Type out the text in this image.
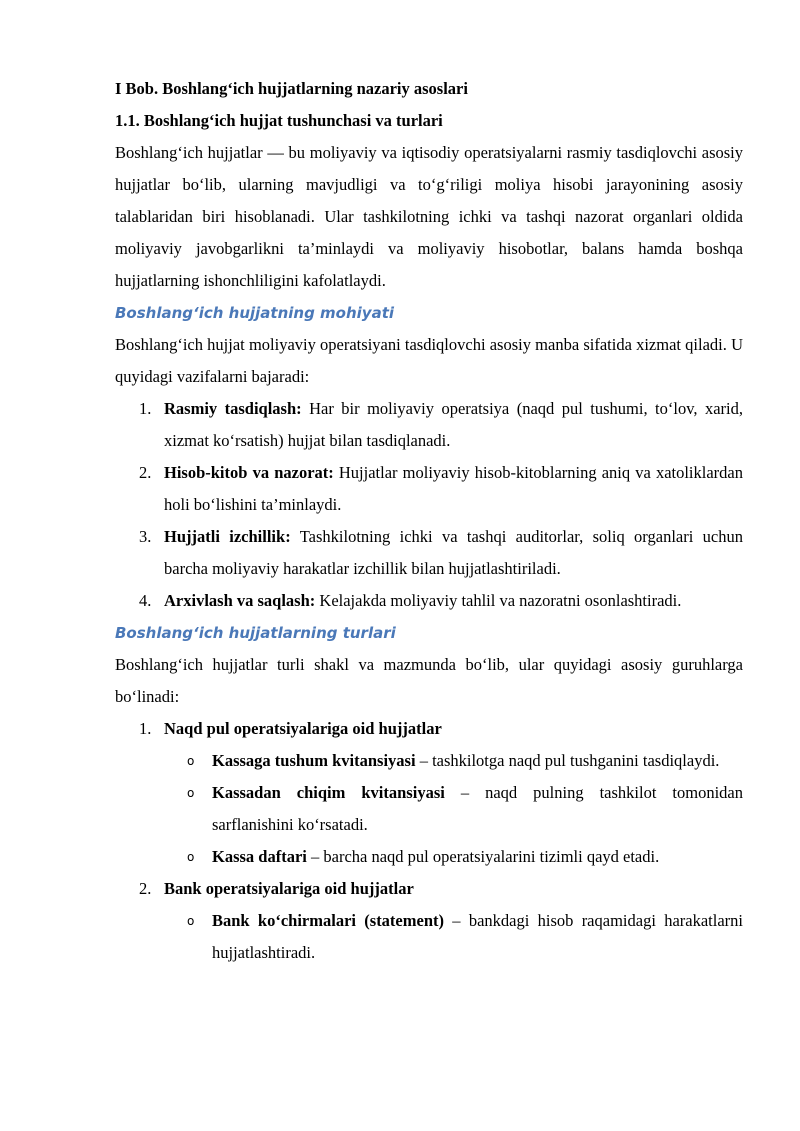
I Bob. Boshlang‘ich hujjatlarning nazariy asoslari
1.1. Boshlang‘ich hujjat tushunchasi va turlari

Boshlang‘ich hujjatlar — bu moliyaviy va iqtisodiy operatsiyalarni rasmiy tasdiqlovchi asosiy hujjatlar bo‘lib, ularning mavjudligi va to‘g‘riligi moliya hisobi jarayonining asosiy talablaridan biri hisoblanadi. Ular tashkilotning ichki va tashqi nazorat organlari oldida moliyaviy javobgarlikni ta’minlaydi va moliyaviy hisobotlar, balans hamda boshqa hujjatlarning ishonchliligini kafolatlaydi.

Boshlang‘ich hujjatning mohiyati

Boshlang‘ich hujjat moliyaviy operatsiyani tasdiqlovchi asosiy manba sifatida xizmat qiladi. U quyidagi vazifalarni bajaradi:

1. Rasmiy tasdiqlash: Har bir moliyaviy operatsiya (naqd pul tushumi, to‘lov, xarid, xizmat ko‘rsatish) hujjat bilan tasdiqlanadi.
2. Hisob-kitob va nazorat: Hujjatlar moliyaviy hisob-kitoblarning aniq va xatoliklardan holi bo‘lishini ta’minlaydi.
3. Hujjatli izchillik: Tashkilotning ichki va tashqi auditorlar, soliq organlari uchun barcha moliyaviy harakatlar izchillik bilan hujjatlashtiriladi.
4. Arxivlash va saqlash: Kelajakda moliyaviy tahlil va nazoratni osonlashtiradi.
Boshlang‘ich hujjatlarning turlari

Boshlang‘ich hujjatlar turli shakl va mazmunda bo‘lib, ular quyidagi asosiy guruhlarga bo‘linadi:

1. Naqd pul operatsiyalariga oid hujjatlar
o Kassaga tushum kvitansiyasi – tashkilotga naqd pul tushganini tasdiqlaydi.
o Kassadan chiqim kvitansiyasi – naqd pulning tashkilot tomonidan sarflanishini ko‘rsatadi.
o Kassa daftari – barcha naqd pul operatsiyalarini tizimli qayd etadi.
2. Bank operatsiyalariga oid hujjatlar
o Bank ko‘chirmalari (statement) – bankdagi hisob raqamidagi harakatlarni hujjatlashtiradi.
